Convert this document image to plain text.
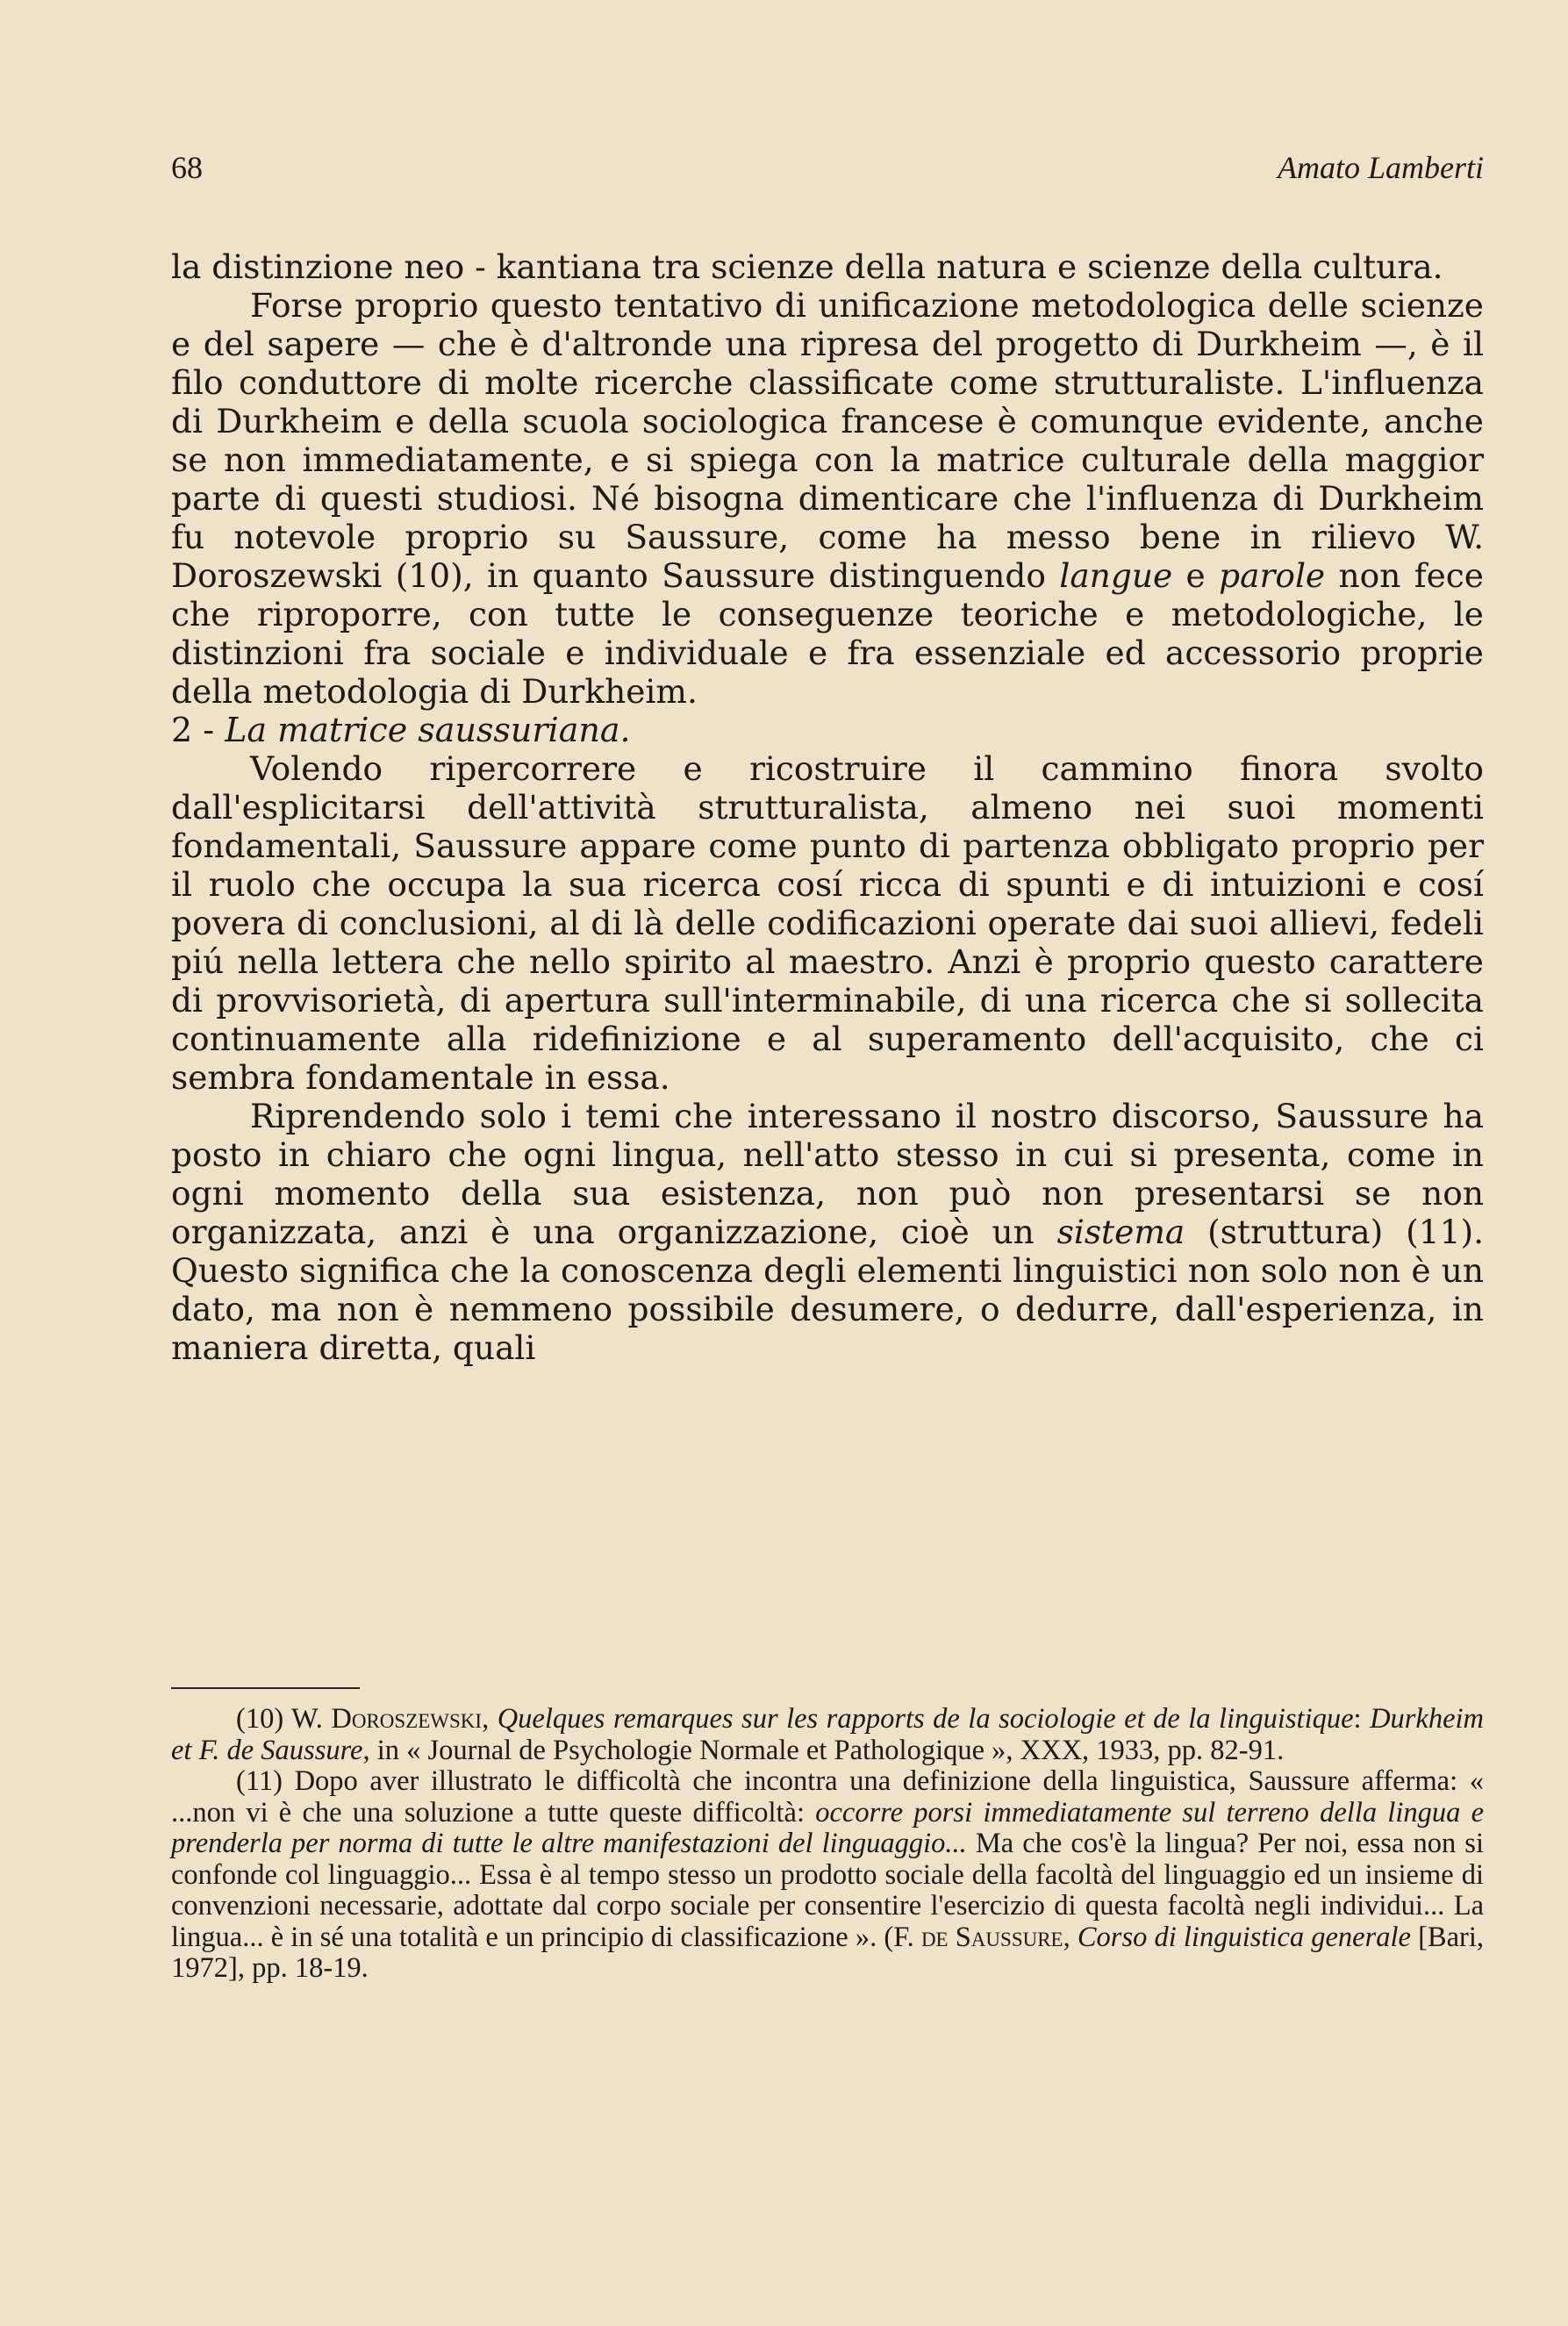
68	Amato Lamberti

la distinzione neo - kantiana tra scienze della natura e scienze della cultura.

Forse proprio questo tentativo di unificazione metodologica delle scienze e del sapere — che è d'altronde una ripresa del progetto di Durkheim —, è il filo conduttore di molte ricerche classificate come strutturaliste. L'influenza di Durkheim e della scuola sociologica francese è comunque evidente, anche se non immediatamente, e si spiega con la matrice culturale della maggior parte di questi studiosi. Né bisogna dimenticare che l'influenza di Durkheim fu notevole proprio su Saussure, come ha messo bene in rilievo W. Doroszewski (10), in quanto Saussure distinguendo langue e parole non fece che riproporre, con tutte le conseguenze teoriche e metodologiche, le distinzioni fra sociale e individuale e fra essenziale ed accessorio proprie della metodologia di Durkheim.

2 - La matrice saussuriana.

Volendo ripercorrere e ricostruire il cammino finora svolto dall'esplicitarsi dell'attività strutturalista, almeno nei suoi momenti fondamentali, Saussure appare come punto di partenza obbligato proprio per il ruolo che occupa la sua ricerca cosí ricca di spunti e di intuizioni e cosí povera di conclusioni, al di là delle codificazioni operate dai suoi allievi, fedeli piú nella lettera che nello spirito al maestro. Anzi è proprio questo carattere di provvisorietà, di apertura sull'interminabile, di una ricerca che si sollecita continuamente alla ridefinizione e al superamento dell'acquisito, che ci sembra fondamentale in essa.

Riprendendo solo i temi che interessano il nostro discorso, Saussure ha posto in chiaro che ogni lingua, nell'atto stesso in cui si presenta, come in ogni momento della sua esistenza, non può non presentarsi se non organizzata, anzi è una organizzazione, cioè un sistema (struttura) (11). Questo significa che la conoscenza degli elementi linguistici non solo non è un dato, ma non è nemmeno possibile desumere, o dedurre, dall'esperienza, in maniera diretta, quali

(10) W. Doroszewski, Quelques remarques sur les rapports de la sociologie et de la linguistique: Durkheim et F. de Saussure, in « Journal de Psychologie Normale et Pathologique », XXX, 1933, pp. 82-91.

(11) Dopo aver illustrato le difficoltà che incontra una definizione della linguistica, Saussure afferma: « ...non vi è che una soluzione a tutte queste difficoltà: occorre porsi immediatamente sul terreno della lingua e prenderla per norma di tutte le altre manifestazioni del linguaggio... Ma che cos'è la lingua? Per noi, essa non si confonde col linguaggio... Essa è al tempo stesso un prodotto sociale della facoltà del linguaggio ed un insieme di convenzioni necessarie, adottate dal corpo sociale per consentire l'esercizio di questa facoltà negli individui... La lingua... è in sé una totalità e un principio di classificazione ». (F. de Saussure, Corso di linguistica generale [Bari, 1972], pp. 18-19.
